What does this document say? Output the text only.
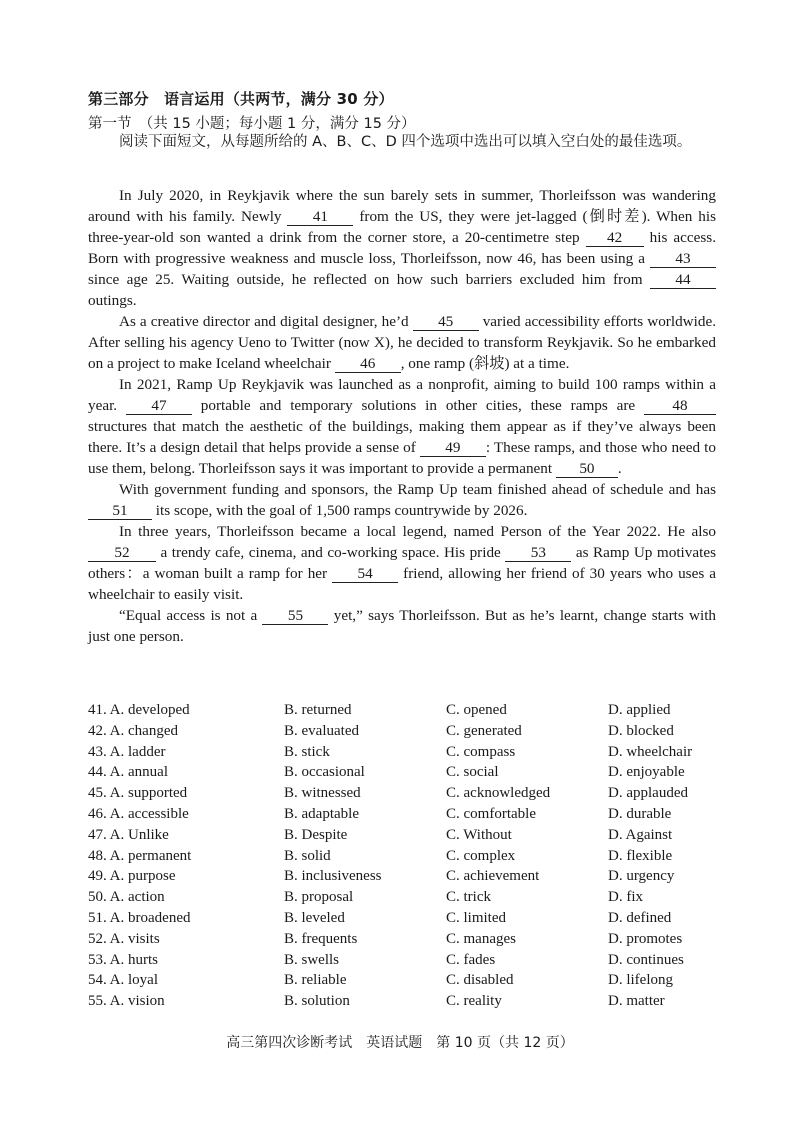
第三部分　语言运用（共两节，满分 30 分）
第一节　（共 15 小题；每小题 1 分，满分 15 分）
阅读下面短文，从每题所给的 A、B、C、D 四个选项中选出可以填入空白处的最佳选项。

In July 2020, in Reykjavik where the sun barely sets in summer, Thorleifsson was wandering around with his family. Newly 41 from the US, they were jet-lagged (倒时差). When his three-year-old son wanted a drink from the corner store, a 20-centimetre step 42 his access. Born with progressive weakness and muscle loss, Thorleifsson, now 46, has been using a 43 since age 25. Waiting outside, he reflected on how such barriers excluded him from 44 outings.

As a creative director and digital designer, he’d 45 varied accessibility efforts worldwide. After selling his agency Ueno to Twitter (now X), he decided to transform Reykjavik. So he embarked on a project to make Iceland wheelchair 46 , one ramp (斜坡) at a time.

In 2021, Ramp Up Reykjavik was launched as a nonprofit, aiming to build 100 ramps within a year. 47 portable and temporary solutions in other cities, these ramps are 48 structures that match the aesthetic of the buildings, making them appear as if they’ve always been there. It’s a design detail that helps provide a sense of 49 : These ramps, and those who need to use them, belong. Thorleifsson says it was important to provide a permanent 50 .

With government funding and sponsors, the Ramp Up team finished ahead of schedule and has 51 its scope, with the goal of 1,500 ramps countrywide by 2026.

In three years, Thorleifsson became a local legend, named Person of the Year 2022. He also 52 a trendy cafe, cinema, and co-working space. His pride 53 as Ramp Up motivates others：a woman built a ramp for her 54 friend, allowing her friend of 30 years who uses a wheelchair to easily visit.

“Equal access is not a 55 yet,” says Thorleifsson. But as he’s learnt, change starts with just one person.

41. A. developed	B. returned	C. opened	D. applied
42. A. changed	B. evaluated	C. generated	D. blocked
43. A. ladder	B. stick	C. compass	D. wheelchair
44. A. annual	B. occasional	C. social	D. enjoyable
45. A. supported	B. witnessed	C. acknowledged	D. applauded
46. A. accessible	B. adaptable	C. comfortable	D. durable
47. A. Unlike	B. Despite	C. Without	D. Against
48. A. permanent	B. solid	C. complex	D. flexible
49. A. purpose	B. inclusiveness	C. achievement	D. urgency
50. A. action	B. proposal	C. trick	D. fix
51. A. broadened	B. leveled	C. limited	D. defined
52. A. visits	B. frequents	C. manages	D. promotes
53. A. hurts	B. swells	C. fades	D. continues
54. A. loyal	B. reliable	C. disabled	D. lifelong
55. A. vision	B. solution	C. reality	D. matter
高三第四次诊断考试　英语试题　第 10 页（共 12 页）
